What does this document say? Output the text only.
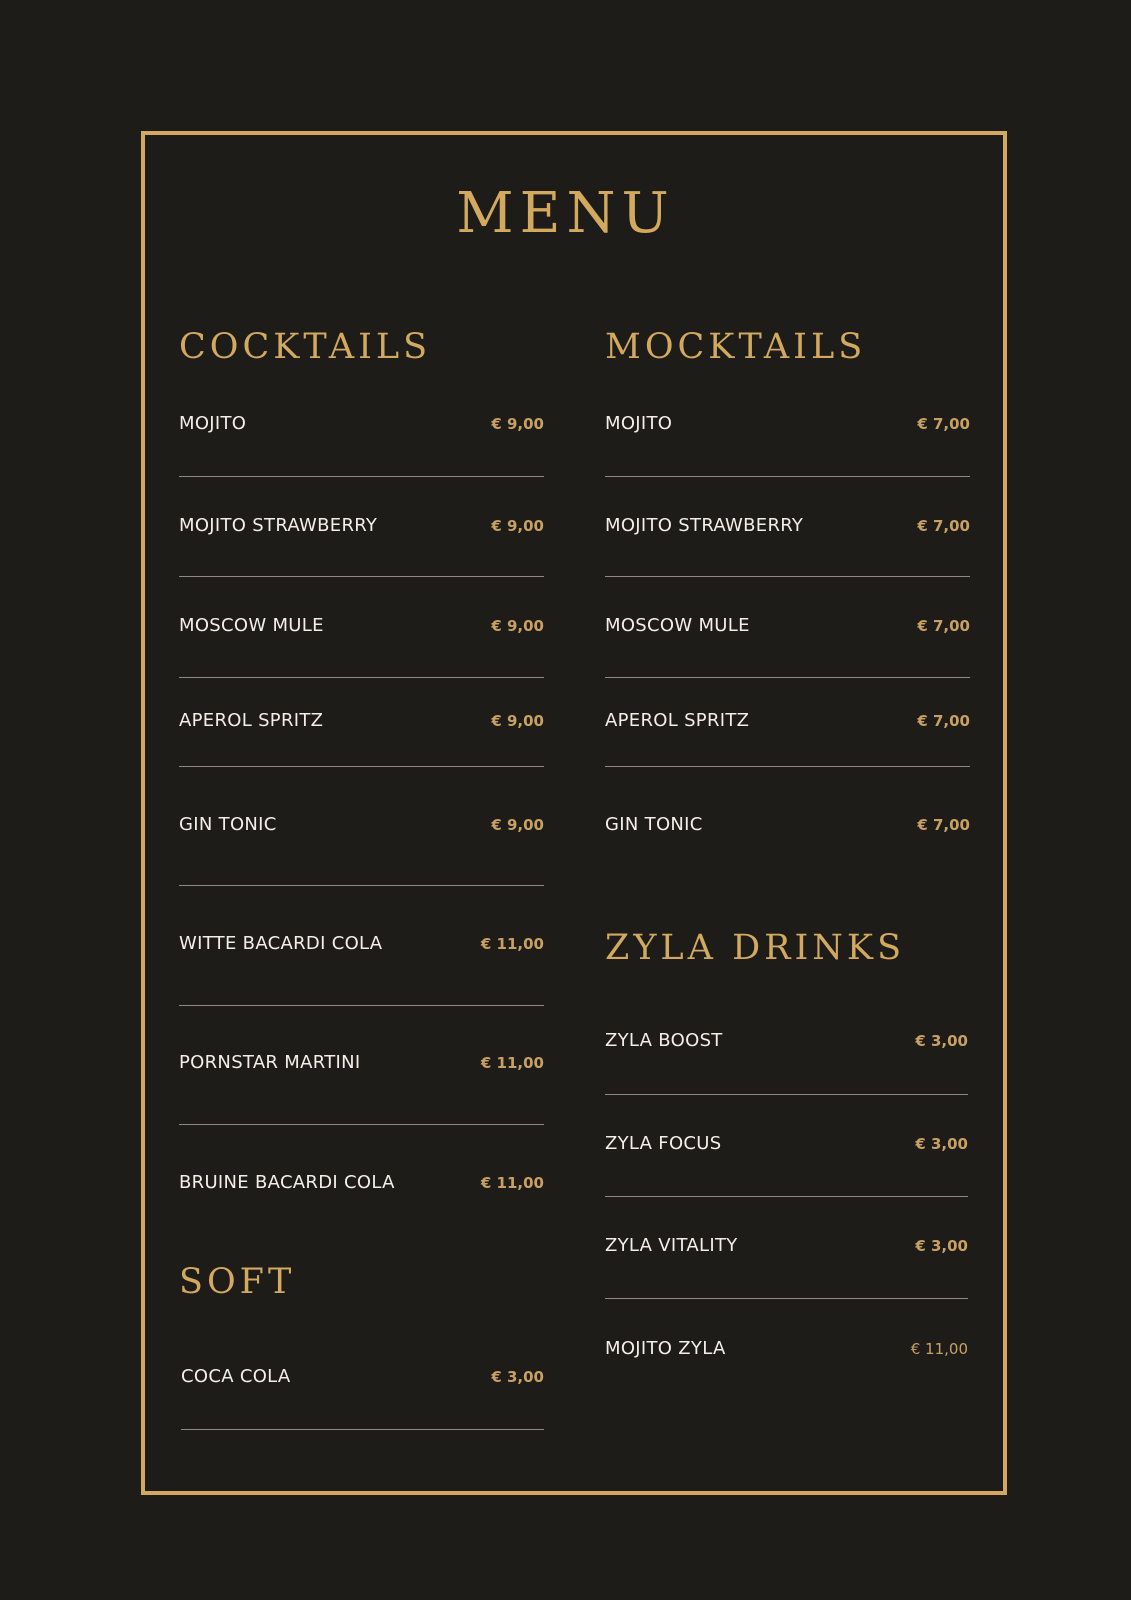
MENU
COCKTAILS
MOJITO	€ 9,00
MOJITO STRAWBERRY	€ 9,00
MOSCOW MULE	€ 9,00
APEROL SPRITZ	€ 9,00
GIN TONIC	€ 9,00
WITTE BACARDI COLA	€ 11,00
PORNSTAR MARTINI	€ 11,00
BRUINE BACARDI COLA	€ 11,00
SOFT
COCA COLA	€ 3,00
MOCKTAILS
MOJITO	€ 7,00
MOJITO STRAWBERRY	€ 7,00
MOSCOW MULE	€ 7,00
APEROL SPRITZ	€ 7,00
GIN TONIC	€ 7,00
ZYLA DRINKS
ZYLA BOOST	€ 3,00
ZYLA FOCUS	€ 3,00
ZYLA VITALITY	€ 3,00
MOJITO ZYLA	€ 11,00
